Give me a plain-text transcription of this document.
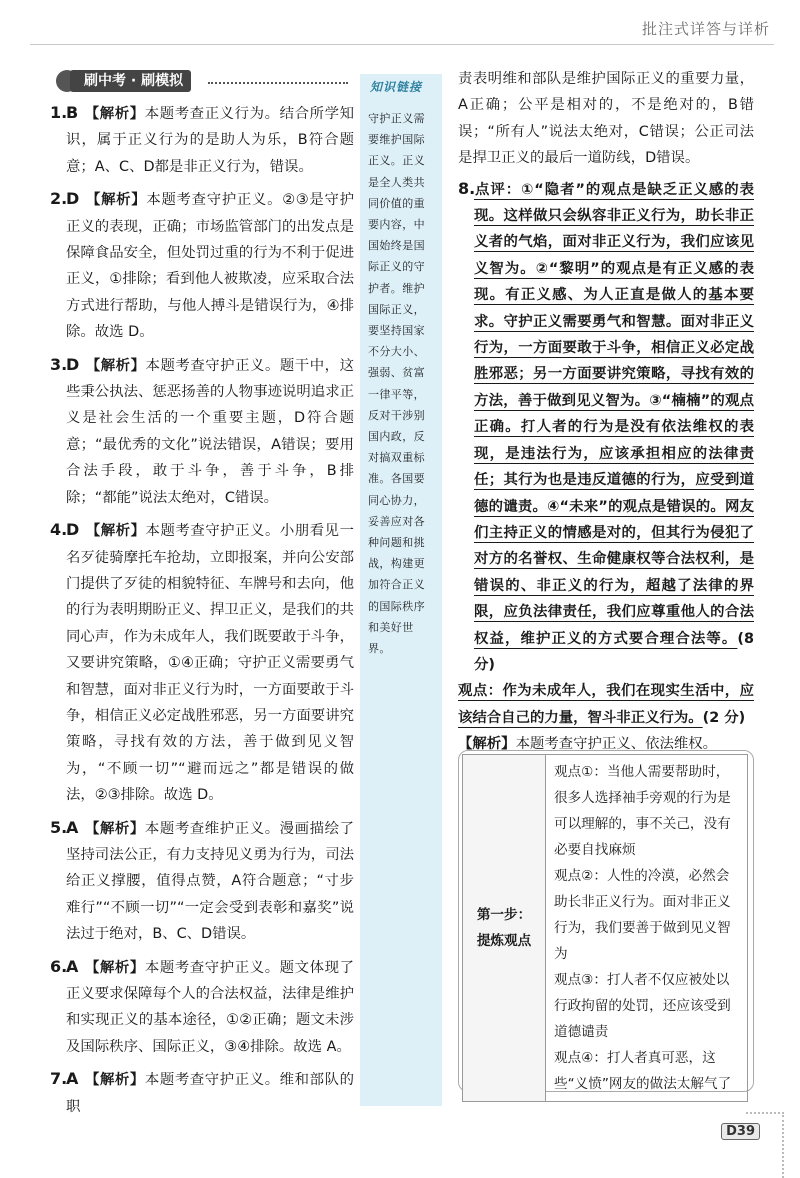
批注式详答与详析
刷中考 · 刷模拟

1.B 【解析】本题考查正义行为。结合所学知识，属于正义行为的是助人为乐，B符合题意；A、C、D都是非正义行为，错误。

2.D 【解析】本题考查守护正义。②③是守护正义的表现，正确；市场监管部门的出发点是保障食品安全，但处罚过重的行为不利于促进正义，①排除；看到他人被欺凌，应采取合法方式进行帮助，与他人搏斗是错误行为，④排除。故选 D。

3.D 【解析】本题考查守护正义。题干中，这些秉公执法、惩恶扬善的人物事迹说明追求正义是社会生活的一个重要主题，D符合题意；“最优秀的文化”说法错误，A错误；要用合法手段，敢于斗争，善于斗争，B排除；“都能”说法太绝对，C错误。

4.D 【解析】本题考查守护正义。小朋看见一名歹徒骑摩托车抢劫，立即报案，并向公安部门提供了歹徒的相貌特征、车牌号和去向，他的行为表明期盼正义、捍卫正义，是我们的共同心声，作为未成年人，我们既要敢于斗争，又要讲究策略，①④正确；守护正义需要勇气和智慧，面对非正义行为时，一方面要敢于斗争，相信正义必定战胜邪恶，另一方面要讲究策略，寻找有效的方法，善于做到见义智为，“不顾一切”“避而远之”都是错误的做法，②③排除。故选 D。

5.A 【解析】本题考查维护正义。漫画描绘了坚持司法公正，有力支持见义勇为行为，司法给正义撑腰，值得点赞，A符合题意；“寸步难行”“不顾一切”“一定会受到表彰和嘉奖”说法过于绝对，B、C、D错误。

6.A 【解析】本题考查守护正义。题文体现了正义要求保障每个人的合法权益，法律是维护和实现正义的基本途径，①②正确；题文未涉及国际秩序、国际正义，③④排除。故选 A。

7.A 【解析】本题考查守护正义。维和部队的职

知识链接
守护正义需要维护国际正义。正义是全人类共同价值的重要内容，中国始终是国际正义的守护者。维护国际正义，要坚持国家不分大小、强弱、贫富一律平等，反对干涉别国内政，反对搞双重标准。各国要同心协力，妥善应对各种问题和挑战，构建更加符合正义的国际秩序和美好世界。

责表明维和部队是维护国际正义的重要力量，A正确；公平是相对的，不是绝对的，B错误；“所有人”说法太绝对，C错误；公正司法是捍卫正义的最后一道防线，D错误。

8.点评：①“隐者”的观点是缺乏正义感的表现。这样做只会纵容非正义行为，助长非正义者的气焰，面对非正义行为，我们应该见义智为。②“黎明”的观点是有正义感的表现。有正义感、为人正直是做人的基本要求。守护正义需要勇气和智慧。面对非正义行为，一方面要敢于斗争，相信正义必定战胜邪恶；另一方面要讲究策略，寻找有效的方法，善于做到见义智为。③“楠楠”的观点正确。打人者的行为是没有依法维权的表现，是违法行为，应该承担相应的法律责任；其行为也是违反道德的行为，应受到道德的谴责。④“未来”的观点是错误的。网友们主持正义的情感是对的，但其行为侵犯了对方的名誉权、生命健康权等合法权利，是错误的、非正义的行为，超越了法律的界限，应负法律责任，我们应尊重他人的合法权益，维护正义的方式要合理合法等。(8 分)

观点：作为未成年人，我们在现实生活中，应该结合自己的力量，智斗非正义行为。(2 分)

【解析】本题考查守护正义、依法维权。

第一步：
提炼观点

观点①：当他人需要帮助时，很多人选择袖手旁观的行为是可以理解的，事不关己，没有必要自找麻烦
观点②：人性的冷漠，必然会助长非正义行为。面对非正义行为，我们要善于做到见义智为
观点③：打人者不仅应被处以行政拘留的处罚，还应该受到道德谴责
观点④：打人者真可恶，这些“义愤”网友的做法太解气了
D39
